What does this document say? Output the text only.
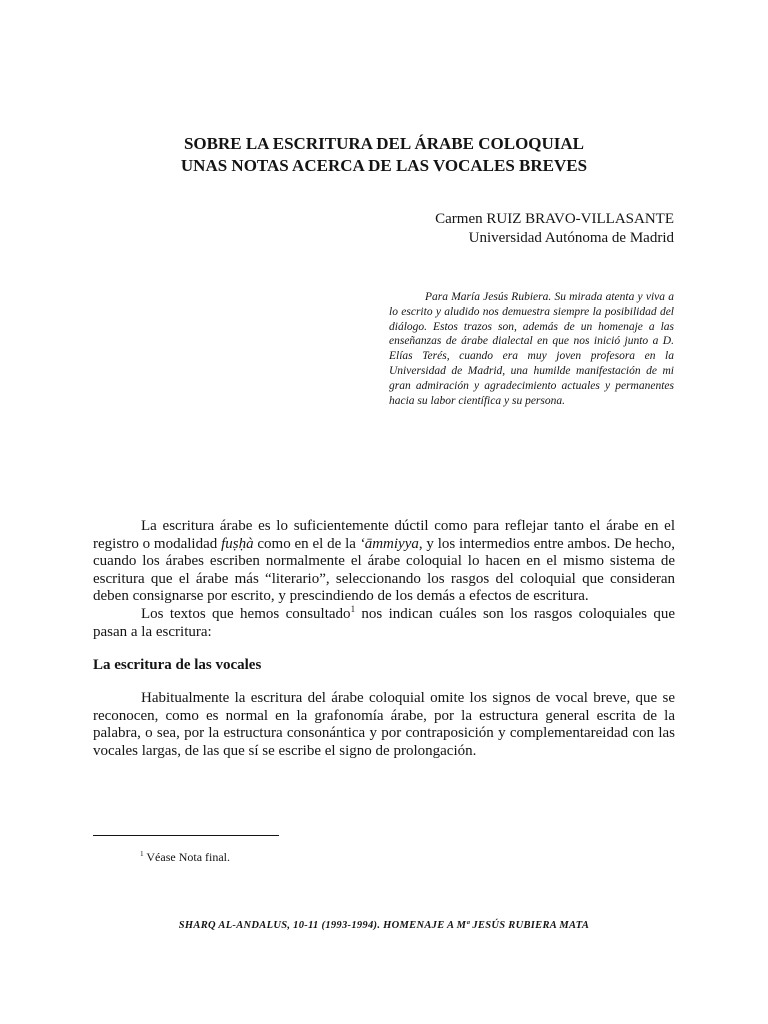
SOBRE LA ESCRITURA DEL ÁRABE COLOQUIAL
UNAS NOTAS ACERCA DE LAS VOCALES BREVES
Carmen RUIZ BRAVO-VILLASANTE
Universidad Autónoma de Madrid
Para María Jesús Rubiera. Su mirada atenta y viva a lo escrito y aludido nos demuestra siempre la posibilidad del diálogo. Estos trazos son, además de un homenaje a las enseñanzas de árabe dialectal en que nos inició junto a D. Elías Terés, cuando era muy joven profesora en la Universidad de Madrid, una humilde manifestación de mi gran admiración y agradecimiento actuales y permanentes hacia su labor científica y su persona.

La escritura árabe es lo suficientemente dúctil como para reflejar tanto el árabe en el registro o modalidad fuṣḥà como en el de la ‘āmmiyya, y los intermedios entre ambos. De hecho, cuando los árabes escriben normalmente el árabe coloquial lo hacen en el mismo sistema de escritura que el árabe más “literario”, seleccionando los rasgos del coloquial que consideran deben consignarse por escrito, y prescindiendo de los demás a efectos de escritura.

Los textos que hemos consultado$^1$ nos indican cuáles son los rasgos coloquiales que pasan a la escritura:

La escritura de las vocales

Habitualmente la escritura del árabe coloquial omite los signos de vocal breve, que se reconocen, como es normal en la grafonomía árabe, por la estructura general escrita de la palabra, o sea, por la estructura consonántica y por contraposición y complementareidad con las vocales largas, de las que sí se escribe el signo de prolongación.

$^1$ Véase Nota final.
SHARQ AL-ANDALUS, 10-11 (1993-1994). HOMENAJE A Mª JESÚS RUBIERA MATA
